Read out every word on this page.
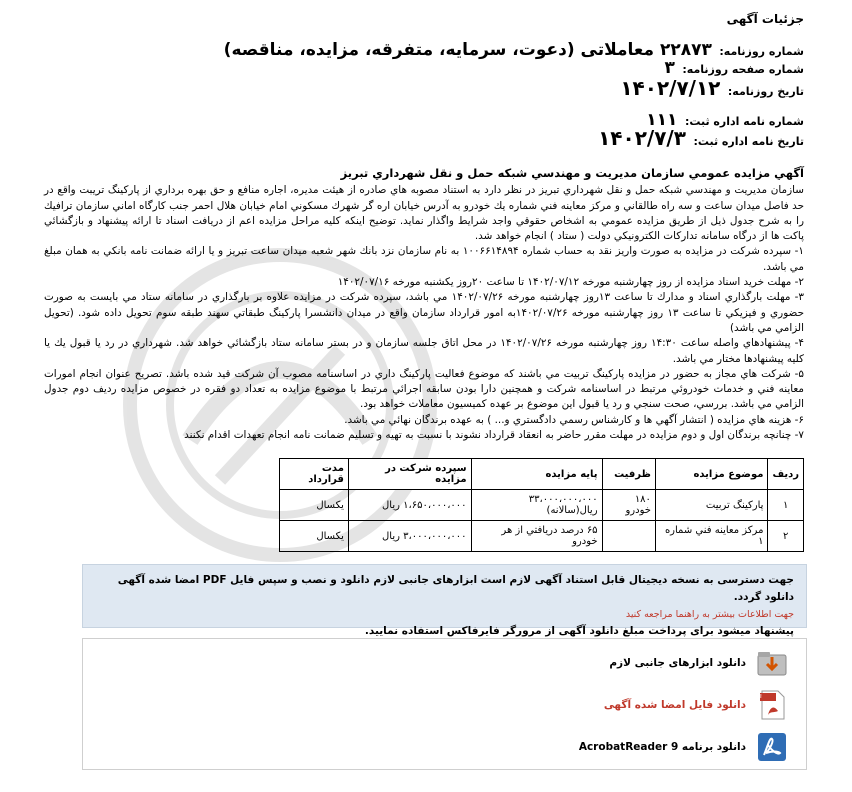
جزئیات آگهی
شماره روزنامه: ۲۲۸۷۳ معاملاتی (دعوت، سرمایه، متفرقه، مزایده، مناقصه)
شماره صفحه روزنامه: ۳
تاریخ روزنامه: ۱۴۰۲/۷/۱۲
شماره نامه اداره ثبت: ۱۱۱
تاریخ نامه اداره ثبت: ۱۴۰۲/۷/۳
آگهي مزايده عمومي سازمان مديريت و مهندسي شبكه حمل و نقل شهرداري تبريز

سازمان مديريت و مهندسي شبكه حمل و نقل شهرداري تبريز در نظر دارد به استناد مصوبه هاي صادره از هيئت مديره، اجاره منافع و حق بهره برداري از پاركينگ تريبت واقع در حد فاصل ميدان ساعت و سه راه طالقاني و مركز معاينه فني شماره يك خودرو به آدرس خيابان اره گر شهرك مسكوني امام خيابان هلال احمر جنب كارگاه اماني سازمان ترافيك را به شرح جدول ذيل از طريق مزايده عمومي به اشخاص حقوقي واجد شرايط واگذار نمايد. توضيح اينكه كليه مراحل مزايده اعم از دريافت اسناد تا ارائه پيشنهاد و بازگشائي پاكت ها از درگاه سامانه تداركات الكترونيكي دولت ( ستاد ) انجام خواهد شد.

۱- سپرده شركت در مزايده به صورت واريز نقد به حساب شماره ۱۰۰۶۶۱۴۸۹۴ به نام سازمان نزد بانك شهر شعبه ميدان ساعت تبريز و يا ارائه ضمانت نامه بانكي به همان مبلغ مي باشد.

۲- مهلت خريد اسناد مزايده از روز چهارشنبه مورخه ۱۴۰۲/۰۷/۱۲ تا ساعت ۲۰روز يكشنبه مورخه ۱۴۰۲/۰۷/۱۶

۳- مهلت بارگذاري اسناد و مدارك تا ساعت ۱۳روز چهارشنبه مورخه ۱۴۰۲/۰۷/۲۶ مي باشد، سپرده شركت در مزايده علاوه بر بارگذاري در سامانه ستاد مي بايست به صورت حضوري و فيزيكي تا ساعت ۱۳ روز چهارشنبه مورخه ۱۴۰۲/۰۷/۲۶به امور قرارداد سازمان واقع در ميدان دانشسرا پاركينگ طبقاتي سهند طبقه سوم تحويل داده شود. (تحويل الزامي مي باشد)

۴- پيشنهادهاي واصله ساعت ۱۴:۳۰ روز چهارشنبه مورخه ۱۴۰۲/۰۷/۲۶ در محل اتاق جلسه سازمان و در بستر سامانه ستاد بازگشائي خواهد شد. شهرداري در رد يا قبول يك يا كليه پيشنهادها مختار مي باشد.

۵- شركت هاي مجاز به حضور در مزايده پاركينگ تربيت مي باشند كه موضوع فعاليت پاركينگ داري در اساسنامه مصوب آن شركت قيد شده باشد. تصريح عنوان انجام امورات معاينه فني و خدمات خودروئي مرتبط در اساسنامه شركت و همچنين دارا بودن سابقه اجرائي مرتبط با موضوع مزايده به تعداد دو فقره در خصوص مزايده رديف دوم جدول الزامي مي باشد. بررسي، صحت سنجي و رد يا قبول اين موضوع بر عهده كميسيون معاملات خواهد بود.

۶- هزينه هاي مزايده ( انتشار آگهي ها و كارشناس رسمي دادگستري و... ) به عهده برندگان نهائي مي باشد.

۷- چنانچه برندگان اول و دوم مزايده در مهلت مقرر حاضر به انعقاد قرارداد نشوند با نسبت به تهيه و تسليم ضمانت نامه انجام تعهدات اقدام نكنند

رديف	موضوع مزايده	ظرفيت	پايه مزايده	سپرده شركت در مزايده	مدت قرارداد
۱	پاركينگ تربيت	۱۸۰ خودرو	۳۳،۰۰۰،۰۰۰،۰۰۰ ريال(سالانه)	۱،۶۵۰،۰۰۰،۰۰۰ ريال	يكسال
۲	مركز معاينه فني شماره ۱		۶۵ درصد دريافتي از هر خودرو	۳،۰۰۰،۰۰۰،۰۰۰ ريال	يكسال
جهت دسترسی به نسخه دیجیتال قابل استناد آگهی لازم است ابزارهای جانبی لازم دانلود و نصب و سپس فایل PDF امضا شده آگهی دانلود گردد.
جهت اطلاعات بیشتر به راهنما مراجعه کنید
پیشنهاد میشود برای پرداخت مبلغ دانلود آگهی از مرورگر فایرفاکس استفاده نمایید.
دانلود ابزارهای جانبی لازم
PDF
دانلود فایل امضا شده آگهی
دانلود برنامه AcrobatReader 9
